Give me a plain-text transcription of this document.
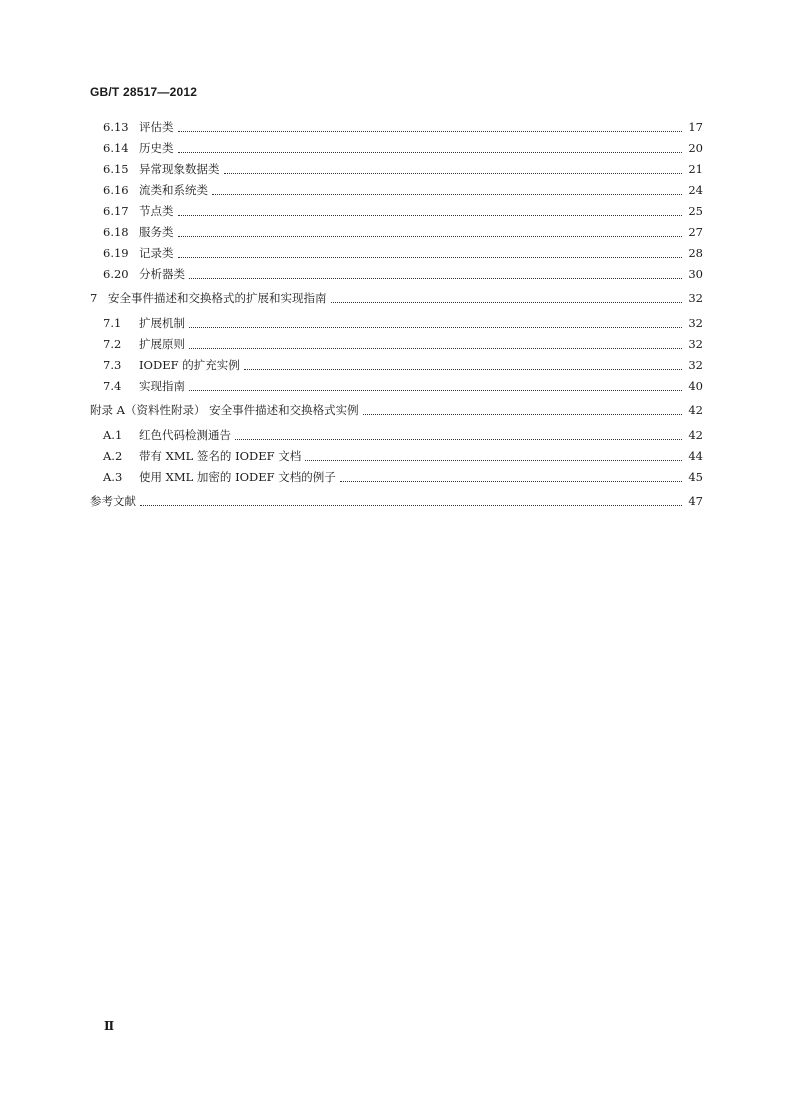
GB/T 28517—2012
6.13 评估类	17
6.14 历史类	20
6.15 异常现象数据类	21
6.16 流类和系统类	24
6.17 节点类	25
6.18 服务类	27
6.19 记录类	28
6.20 分析器类	30
7 安全事件描述和交换格式的扩展和实现指南	32
7.1	扩展机制	32
7.2	扩展原则	32
7.3	IODEF 的扩充实例	32
7.4	实现指南	40
附录 A（资料性附录） 安全事件描述和交换格式实例	42
A.1	红色代码检测通告	42
A.2	带有 XML 签名的 IODEF 文档	44
A.3	使用 XML 加密的 IODEF 文档的例子	45
参考文献	47
Ⅱ
